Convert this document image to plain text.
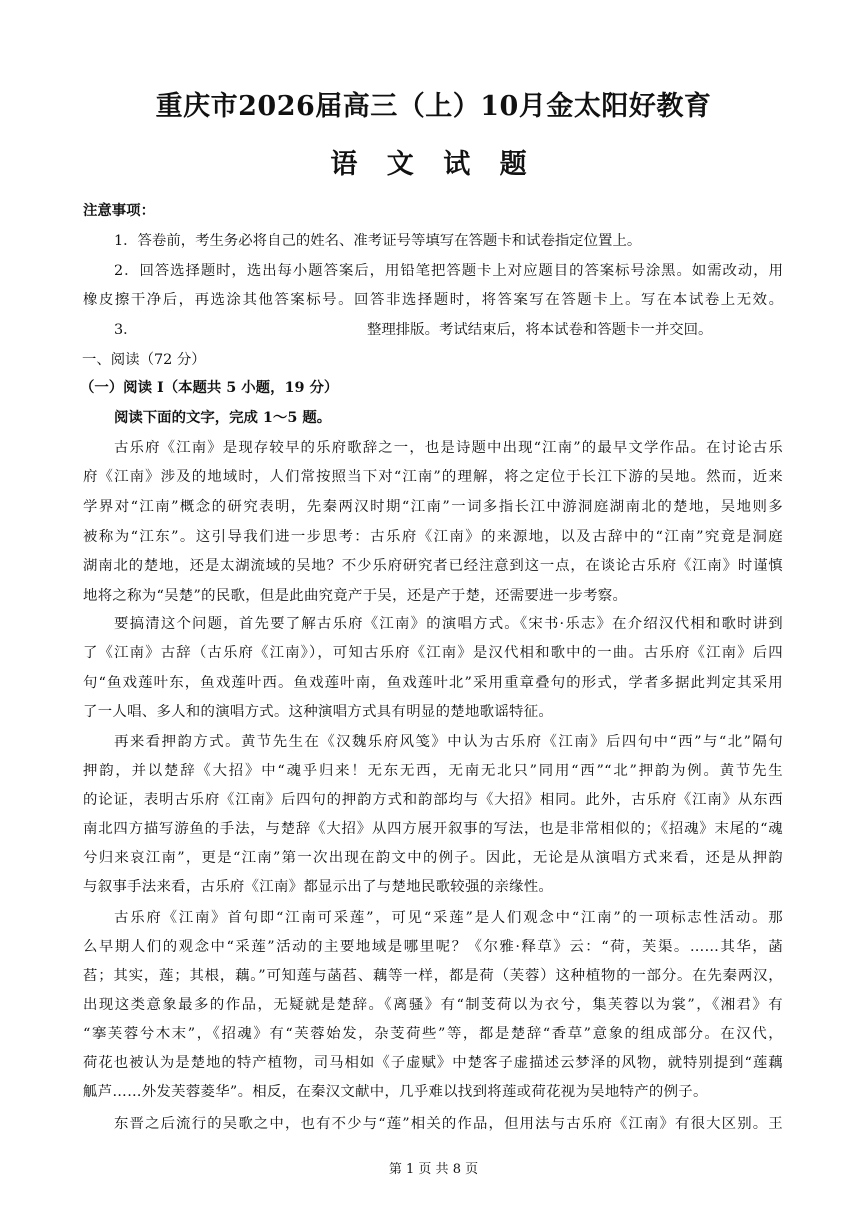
重庆市2026届高三（上）10月金太阳好教育
语 文 试 题
注意事项：
1．答卷前，考生务必将自己的姓名、准考证号等填写在答题卡和试卷指定位置上。
2．回答选择题时，选出每小题答案后，用铅笔把答题卡上对应题目的答案标号涂黑。如需改动，用
橡皮擦干净后，再选涂其他答案标号。回答非选择题时，将答案写在答题卡上。写在本试卷上无效。
3．	整理排版。考试结束后，将本试卷和答题卡一并交回。
一、阅读（72 分）
（一）阅读 I（本题共 5 小题，19 分）
阅读下面的文字，完成 1～5 题。
古乐府《江南》是现存较早的乐府歌辞之一，也是诗题中出现“江南”的最早文学作品。在讨论古乐
府《江南》涉及的地域时，人们常按照当下对“江南”的理解，将之定位于长江下游的吴地。然而，近来
学界对“江南”概念的研究表明，先秦两汉时期“江南”一词多指长江中游洞庭湖南北的楚地，吴地则多
被称为“江东”。这引导我们进一步思考：古乐府《江南》的来源地，以及古辞中的“江南”究竟是洞庭
湖南北的楚地，还是太湖流域的吴地？不少乐府研究者已经注意到这一点，在谈论古乐府《江南》时谨慎
地将之称为“吴楚”的民歌，但是此曲究竟产于吴，还是产于楚，还需要进一步考察。
要搞清这个问题，首先要了解古乐府《江南》的演唱方式。《宋书·乐志》在介绍汉代相和歌时讲到
了《江南》古辞（古乐府《江南》），可知古乐府《江南》是汉代相和歌中的一曲。古乐府《江南》后四
句“鱼戏莲叶东，鱼戏莲叶西。鱼戏莲叶南，鱼戏莲叶北”采用重章叠句的形式，学者多据此判定其采用
了一人唱、多人和的演唱方式。这种演唱方式具有明显的楚地歌谣特征。
再来看押韵方式。黄节先生在《汉魏乐府风笺》中认为古乐府《江南》后四句中“西”与“北”隔句
押韵，并以楚辞《大招》中“魂乎归来！无东无西，无南无北只”同用“西”“北”押韵为例。黄节先生
的论证，表明古乐府《江南》后四句的押韵方式和韵部均与《大招》相同。此外，古乐府《江南》从东西
南北四方描写游鱼的手法，与楚辞《大招》从四方展开叙事的写法，也是非常相似的；《招魂》末尾的“魂
兮归来哀江南”，更是“江南”第一次出现在韵文中的例子。因此，无论是从演唱方式来看，还是从押韵
与叙事手法来看，古乐府《江南》都显示出了与楚地民歌较强的亲缘性。
古乐府《江南》首句即“江南可采莲”，可见“采莲”是人们观念中“江南”的一项标志性活动。那
么早期人们的观念中“采莲”活动的主要地域是哪里呢？《尔雅·释草》云：“荷，芙渠。……其华，菡
萏；其实，莲；其根，藕。”可知莲与菡萏、藕等一样，都是荷（芙蓉）这种植物的一部分。在先秦两汉，
出现这类意象最多的作品，无疑就是楚辞。《离骚》有“制芰荷以为衣兮，集芙蓉以为裳”，《湘君》有
“搴芙蓉兮木末”，《招魂》有“芙蓉始发，杂芰荷些”等，都是楚辞“香草”意象的组成部分。在汉代，
荷花也被认为是楚地的特产植物，司马相如《子虚赋》中楚客子虚描述云梦泽的风物，就特别提到“莲藕
觚芦……外发芙蓉菱华”。相反，在秦汉文献中，几乎难以找到将莲或荷花视为吴地特产的例子。
东晋之后流行的吴歌之中，也有不少与“莲”相关的作品，但用法与古乐府《江南》有很大区别。王
第 1 页 共 8 页
